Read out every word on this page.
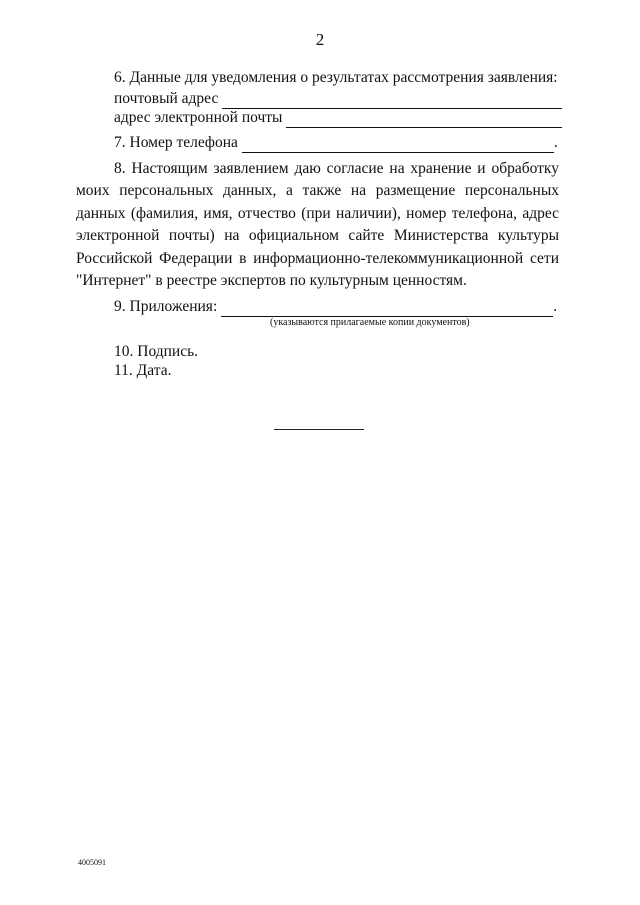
2
6. Данные для уведомления о результатах рассмотрения заявления:
почтовый адрес
адрес электронной почты
7. Номер телефона	.
8. Настоящим заявлением даю согласие на хранение и обработку моих персональных данных, а также на размещение персональных данных (фамилия, имя, отчество (при наличии), номер телефона, адрес электронной почты) на официальном сайте Министерства культуры Российской Федерации в информационно-телекоммуникационной сети "Интернет" в реестре экспертов по культурным ценностям.
9. Приложения:	.
(указываются прилагаемые копии документов)
10. Подпись.
11. Дата.
4005091
